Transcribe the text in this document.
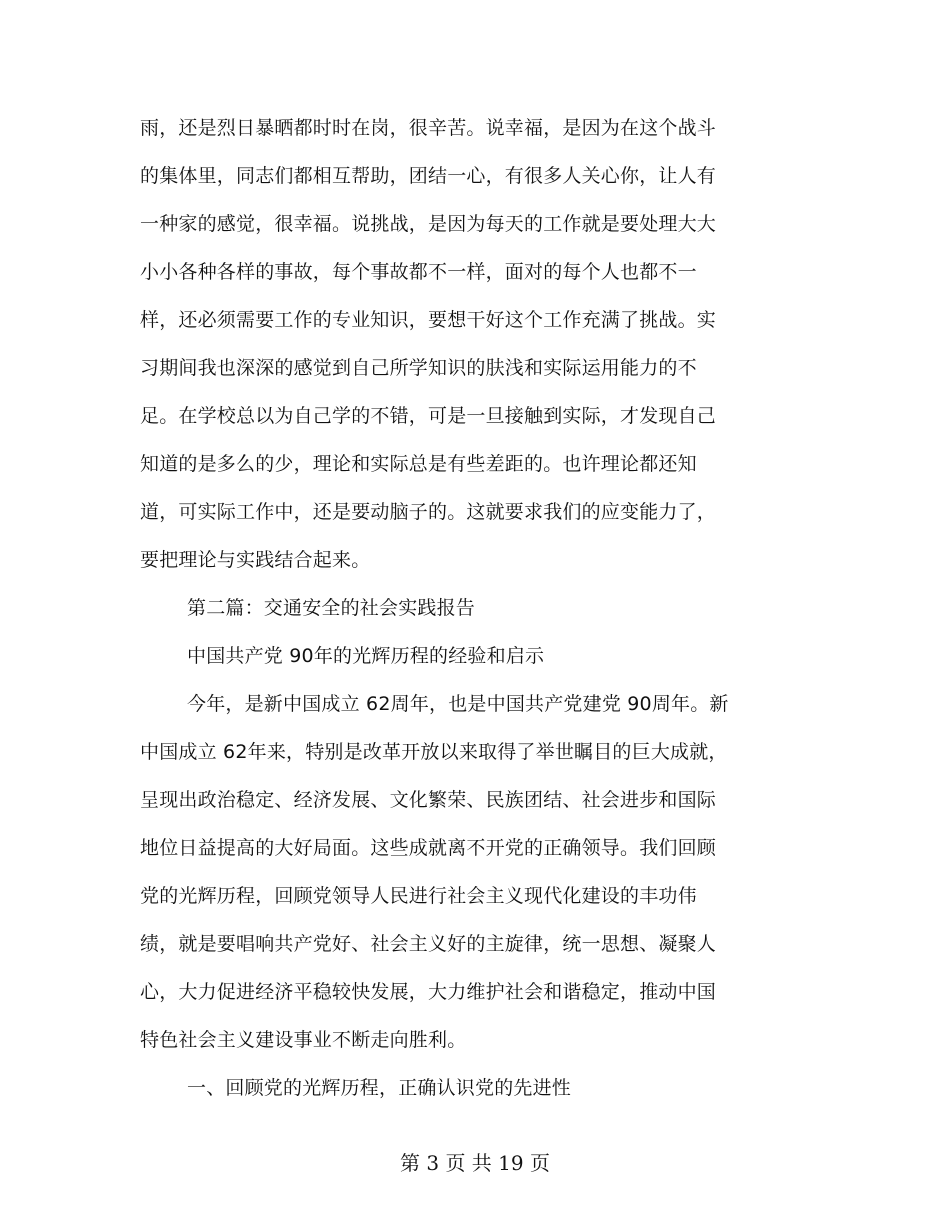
雨，还是烈日暴晒都时时在岗，很辛苦。说幸福，是因为在这个战斗
的集体里，同志们都相互帮助，团结一心，有很多人关心你，让人有
一种家的感觉，很幸福。说挑战，是因为每天的工作就是要处理大大
小小各种各样的事故，每个事故都不一样，面对的每个人也都不一
样，还必须需要工作的专业知识，要想干好这个工作充满了挑战。实
习期间我也深深的感觉到自己所学知识的肤浅和实际运用能力的不
足。在学校总以为自己学的不错，可是一旦接触到实际，才发现自己
知道的是多么的少，理论和实际总是有些差距的。也许理论都还知
道，可实际工作中，还是要动脑子的。这就要求我们的应变能力了，
要把理论与实践结合起来。
第二篇：交通安全的社会实践报告
中国共产党 90年的光辉历程的经验和启示
今年，是新中国成立 62周年，也是中国共产党建党 90周年。新
中国成立 62年来，特别是改革开放以来取得了举世瞩目的巨大成就，
呈现出政治稳定、经济发展、文化繁荣、民族团结、社会进步和国际
地位日益提高的大好局面。这些成就离不开党的正确领导。我们回顾
党的光辉历程，回顾党领导人民进行社会主义现代化建设的丰功伟
绩，就是要唱响共产党好、社会主义好的主旋律，统一思想、凝聚人
心，大力促进经济平稳较快发展，大力维护社会和谐稳定，推动中国
特色社会主义建设事业不断走向胜利。
一、回顾党的光辉历程，正确认识党的先进性
第 3 页 共 19 页
